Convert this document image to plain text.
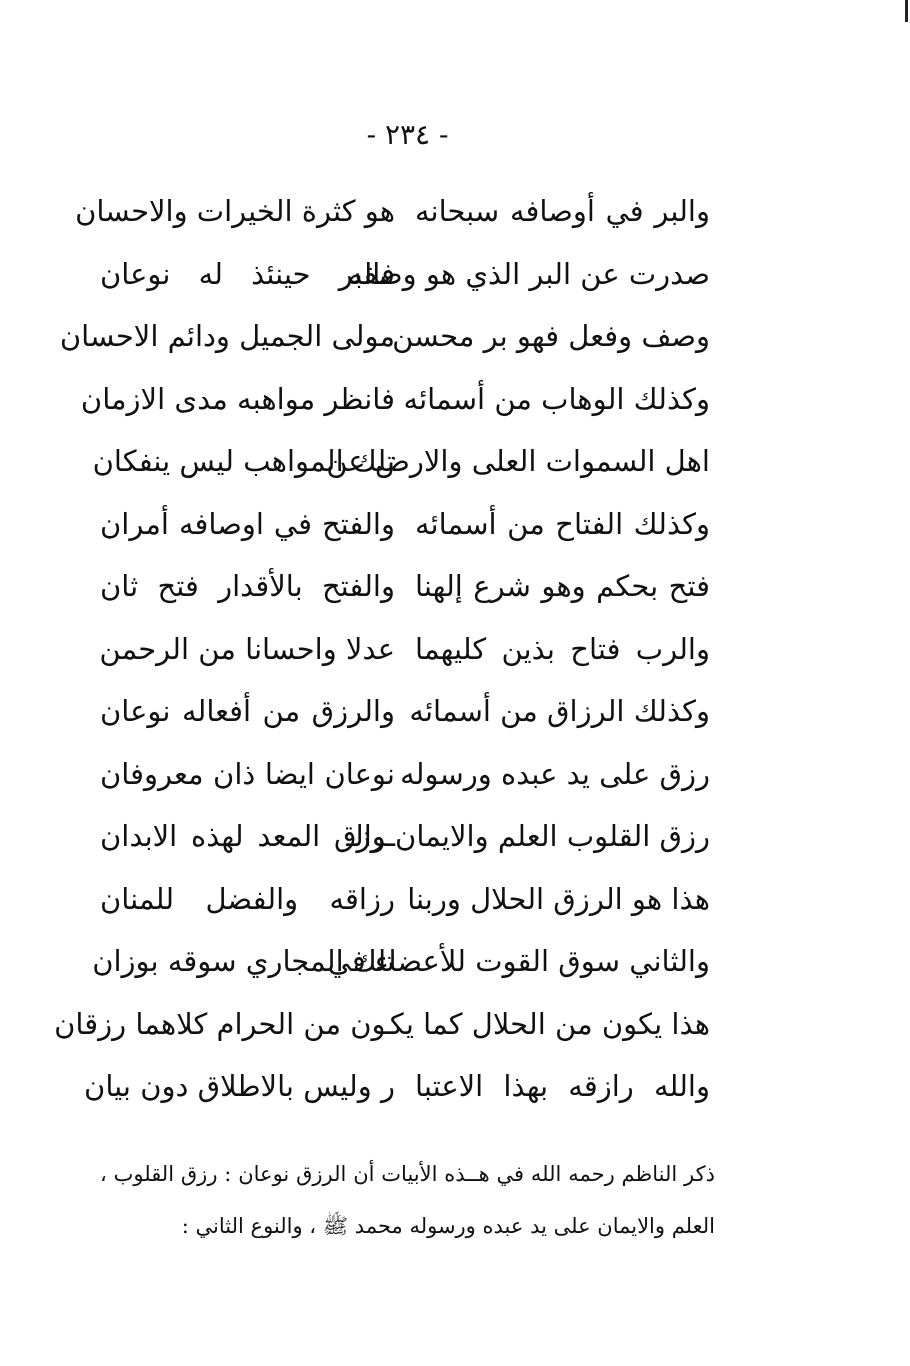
- ٢٣٤ -
والبر في أوصافه سبحانه
هو كثرة الخيرات والاحسان
صدرت عن البر الذي هو وصفه
فالبر حينئذ له نوعان
وصف وفعل فهو بر محسن
مولى الجميل ودائم الاحسان
وكذلك الوهاب من أسمائه
فانظر مواهبه مدى الازمان
اهل السموات العلى والارض عن
تلك المواهب ليس ينفكان
وكذلك الفتاح من أسمائه
والفتح في اوصافه أمران
فتح بحكم وهو شرع إلهنا
والفتح بالأقدار فتح ثان
والرب فتاح بذين كليهما
عدلا واحسانا من الرحمن
وكذلك الرزاق من أسمائه
والرزق من أفعاله نوعان
رزق على يد عبده ورسوله
نوعان ايضا ذان معروفان
رزق القلوب العلم والايمان والـ
ـرزق المعد لهذه الابدان
هذا هو الرزق الحلال وربنا
رزاقه والفضل للمنان
والثاني سوق القوت للأعضاء في
تلك المجاري سوقه بوزان
هذا يكون من الحلال كما يكـ
ـون من الحرام كلاهما رزقان
والله رازقه بهذا الاعتبا
ر وليس بالاطلاق دون بيان
ذكر الناظم رحمه الله في هــذه الأبيات أن الرزق نوعان : رزق القلوب ، العلم والايمان على يد عبده ورسوله محمد ﷺ ، والنوع الثاني :
